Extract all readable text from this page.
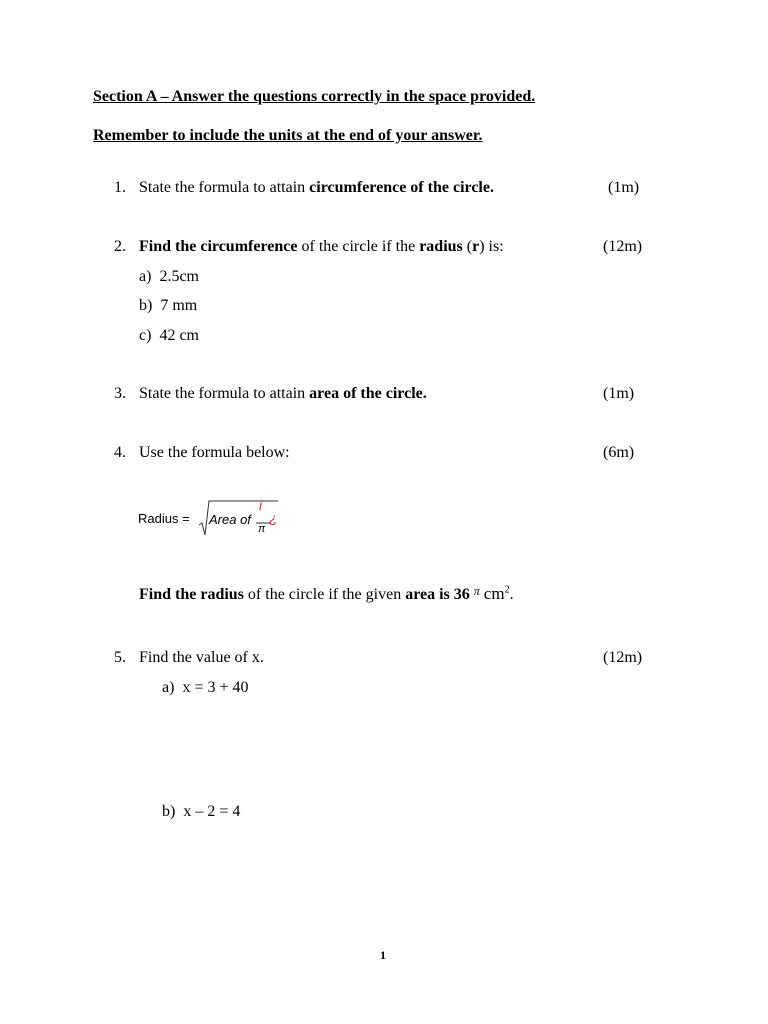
Section A – Answer the questions correctly in the space provided.
Remember to include the units at the end of your answer.
1. State the formula to attain circumference of the circle.	(1m)
2. Find the circumference of the circle if the radius (r) is:	(12m)
a) 2.5cm
b) 7 mm
c) 42 cm
3. State the formula to attain area of the circle.	(1m)
4. Use the formula below:	(6m)
Radius = Area of
i
¿
π
Find the radius of the circle if the given area is 36 $^\pi$ $cm^2$.
5. Find the value of x.	(12m)
a) x = 3 + 40
b) x – 2 = 4
1
